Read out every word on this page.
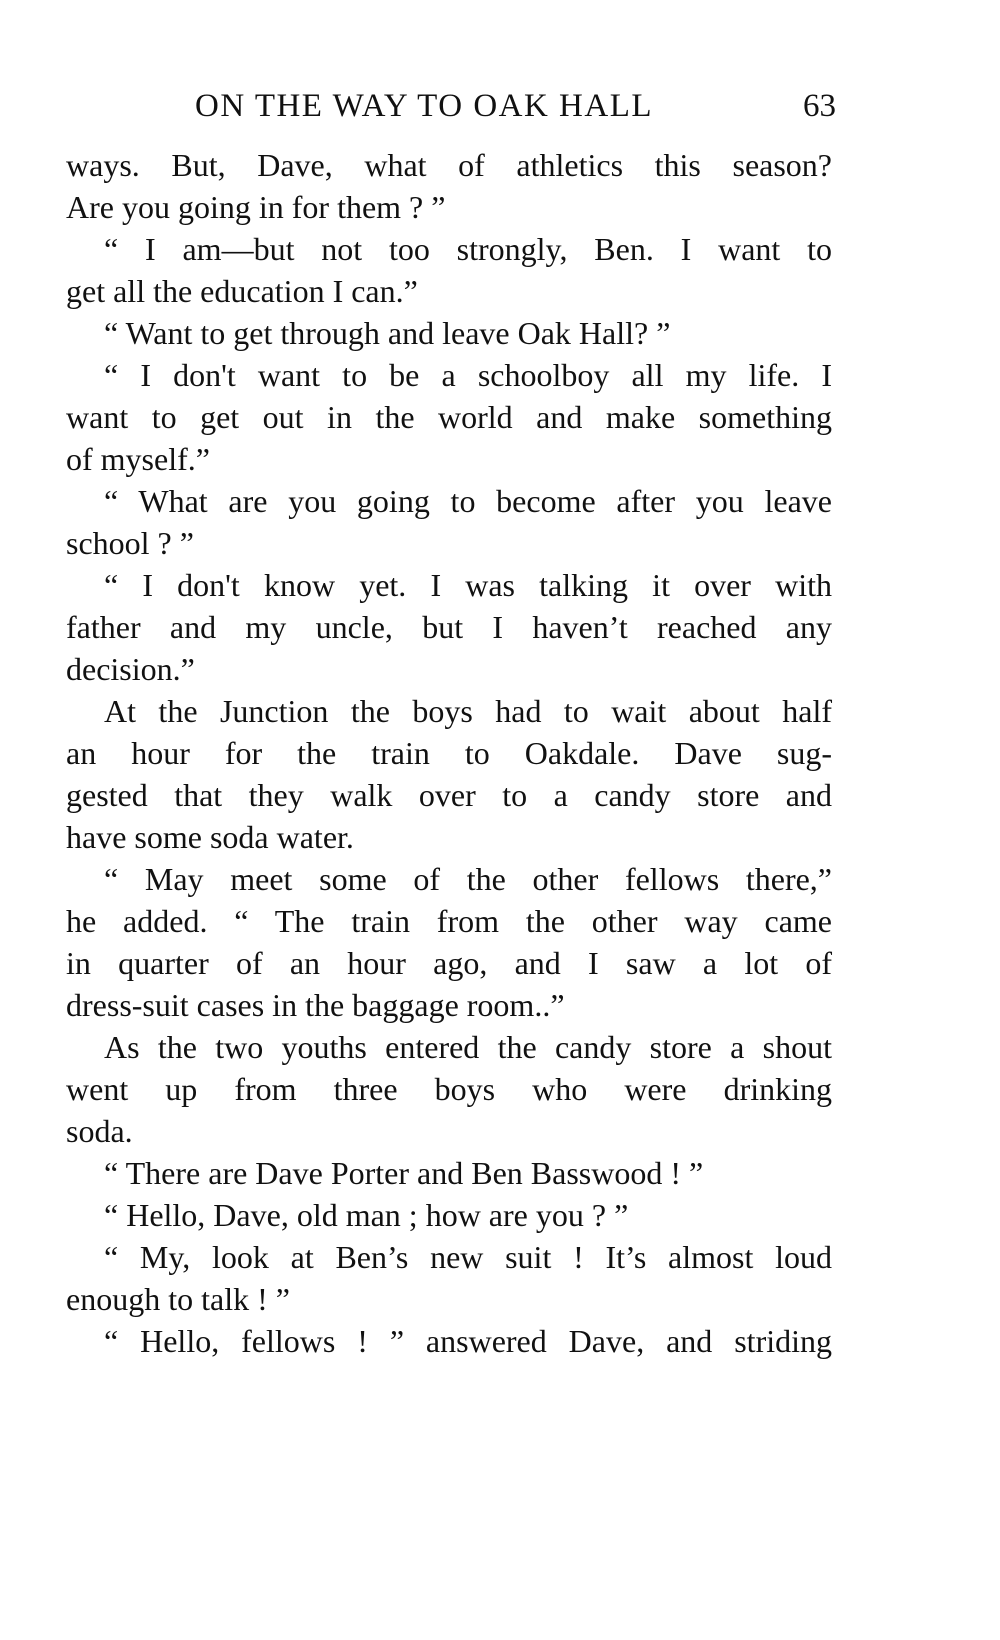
ON THE WAY TO OAK HALL	63
ways. But, Dave, what of athletics this season?
Are you going in for them ? ”
“ I am—but not too strongly, Ben. I want to
get all the education I can.”
“ Want to get through and leave Oak Hall? ”
“ I don't want to be a schoolboy all my life. I
want to get out in the world and make something
of myself.”
“ What are you going to become after you leave
school ? ”
“ I don't know yet. I was talking it over with
father and my uncle, but I haven’t reached any
decision.”
At the Junction the boys had to wait about half
an hour for the train to Oakdale. Dave sug-
gested that they walk over to a candy store and
have some soda water.
“ May meet some of the other fellows there,”
he added. “ The train from the other way came
in quarter of an hour ago, and I saw a lot of
dress-suit cases in the baggage room..”
As the two youths entered the candy store a shout
went up from three boys who were drinking
soda.
“ There are Dave Porter and Ben Basswood ! ”
“ Hello, Dave, old man ; how are you ? ”
“ My, look at Ben’s new suit ! It’s almost loud
enough to talk ! ”
“ Hello, fellows ! ” answered Dave, and striding
